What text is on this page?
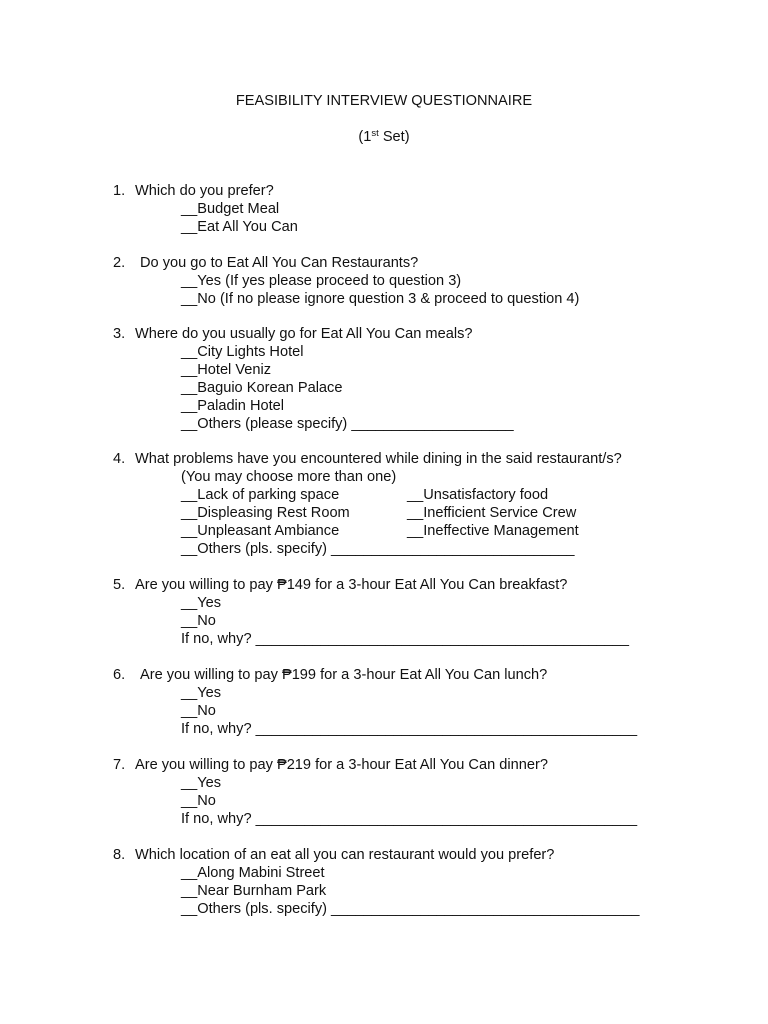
FEASIBILITY INTERVIEW QUESTIONNAIRE
(1st Set)
1. Which do you prefer?
__Budget Meal
__Eat All You Can
2.	Do you go to Eat All You Can Restaurants?
__Yes (If yes please proceed to question 3)
__No (If no please ignore question 3 & proceed to question 4)
3. Where do you usually go for Eat All You Can meals?
__City Lights Hotel
__Hotel Veniz
__Baguio Korean Palace
__Paladin Hotel
__Others (please specify) ____________________
4. What problems have you encountered while dining in the said restaurant/s?
(You may choose more than one)
__Lack of parking space	__Unsatisfactory food
__Displeasing Rest Room	__Inefficient Service Crew
__Unpleasant Ambiance	__Ineffective Management
__Others (pls. specify) ______________________________
5. Are you willing to pay ₱149 for a 3-hour Eat All You Can breakfast?
__Yes
__No
If no, why? ______________________________________________
6.	Are you willing to pay ₱199 for a 3-hour Eat All You Can lunch?
__Yes
__No
If no, why? _______________________________________________
7. Are you willing to pay ₱219 for a 3-hour Eat All You Can dinner?
__Yes
__No
If no, why? _______________________________________________
8. Which location of an eat all you can restaurant would you prefer?
__Along Mabini Street
__Near Burnham Park
__Others (pls. specify) ______________________________________
